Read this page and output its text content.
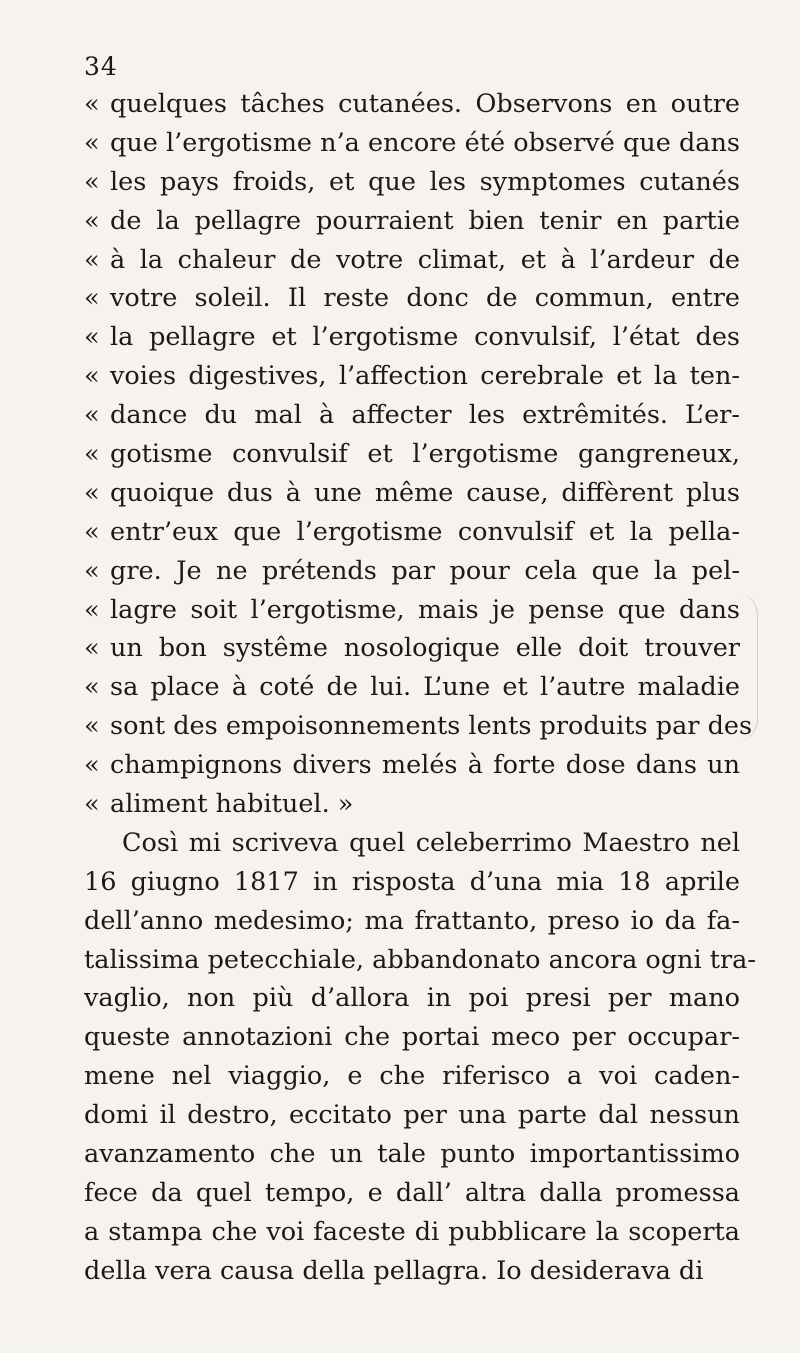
34
« quelques tâches cutanées. Observons en outre
« que l’ergotisme n’a encore été observé que dans
« les pays froids, et que les symptomes cutanés
« de la pellagre pourraient bien tenir en partie
« à la chaleur de votre climat, et à l’ardeur de
« votre soleil. Il reste donc de commun, entre
« la pellagre et l’ergotisme convulsif, l’état des
« voies digestives, l’affection cerebrale et la ten-
« dance du mal à affecter les extrêmités. L’er-
« gotisme convulsif et l’ergotisme gangreneux,
« quoique dus à une même cause, diffèrent plus
« entr’eux que l’ergotisme convulsif et la pella-
« gre. Je ne prétends par pour cela que la pel-
« lagre soit l’ergotisme, mais je pense que dans
« un bon systême nosologique elle doit trouver
« sa place à coté de lui. L’une et l’autre maladie
« sont des empoisonnements lents produits par des
« champignons divers melés à forte dose dans un
« aliment habituel. »
Così mi scriveva quel celeberrimo Maestro nel
16 giugno 1817 in risposta d’una mia 18 aprile
dell’anno medesimo; ma frattanto, preso io da fa-
talissima petecchiale, abbandonato ancora ogni tra-
vaglio, non più d’allora in poi presi per mano
queste annotazioni che portai meco per occupar-
mene nel viaggio, e che riferisco a voi caden-
domi il destro, eccitato per una parte dal nessun
avanzamento che un tale punto importantissimo
fece da quel tempo, e dall’ altra dalla promessa
a stampa che voi faceste di pubblicare la scoperta
della vera causa della pellagra. Io desiderava di
